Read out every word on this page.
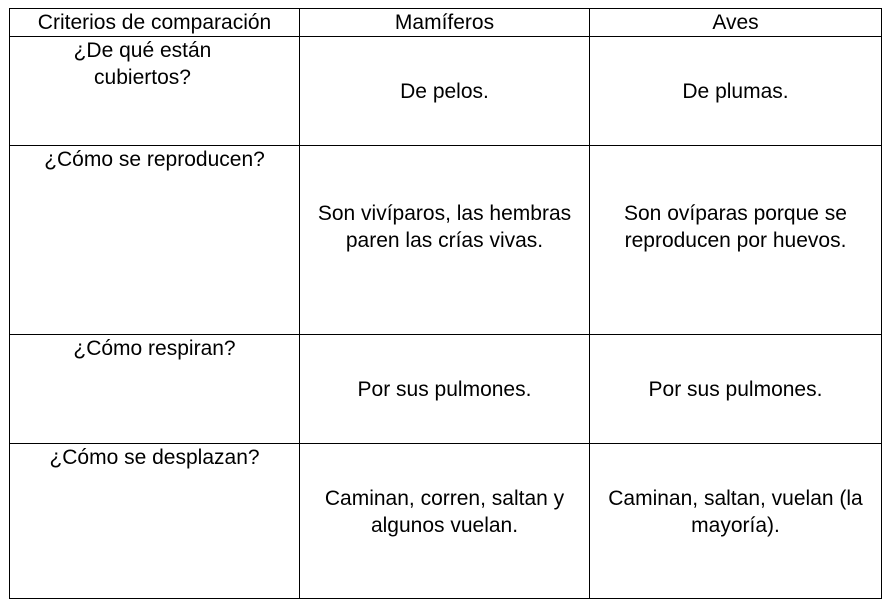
Criterios de comparación	Mamíferos	Aves
¿De qué están cubiertos?	De pelos.	De plumas.
¿Cómo se reproducen?	Son vivíparos, las hembras paren las crías vivas.	Son ovíparas porque se reproducen por huevos.
¿Cómo respiran?	Por sus pulmones.	Por sus pulmones.
¿Cómo se desplazan?	Caminan, corren, saltan y algunos vuelan.	Caminan, saltan, vuelan (la mayoría).
